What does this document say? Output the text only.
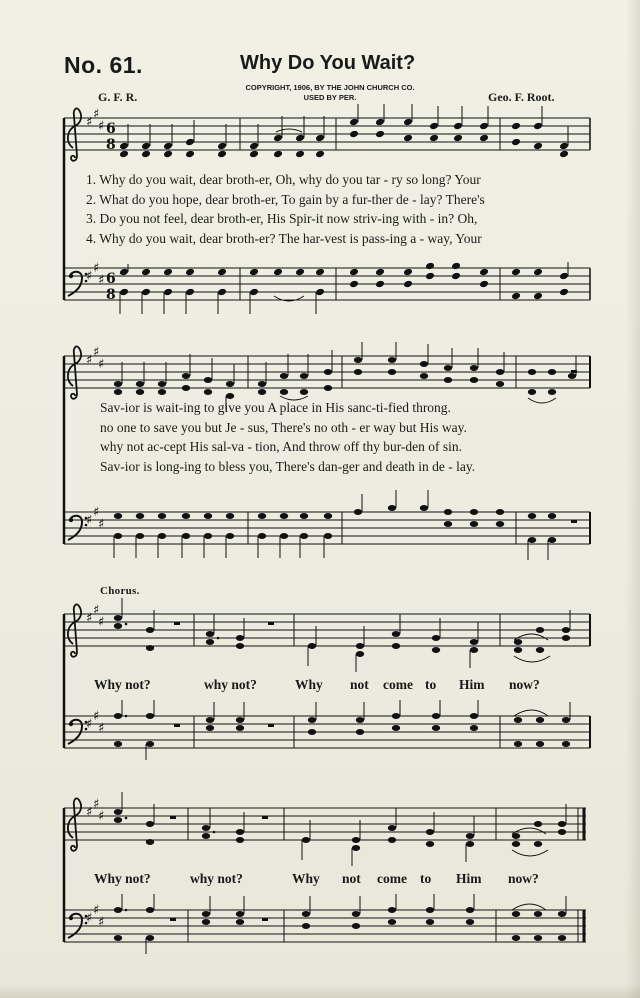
No. 61.	Why Do You Wait?
COPYRIGHT, 1906, BY THE JOHN CHURCH CO.
USED BY PER.
G. F. R.	Geo. F. Root.
♯
♯
♯
♯
♯
♯
6
8
6
8
♯
♯
♯
♯
♯
♯
♯
♯
♯
♯
♯
♯
♯
♯
♯
♯
♯
♯
1. Why do you wait, dear broth-er, Oh, why do you tar - ry so long? Your
2. What do you hope, dear broth-er, To gain by a fur-ther de - lay? There's
3. Do you not feel, dear broth-er, His Spir-it now striv-ing with - in? Oh,
4. Why do you wait, dear broth-er? The har-vest is pass-ing a - way, Your
Sav-ior is wait-ing to give you A place in His sanc-ti-fied throng.
no one to save you but Je - sus, There's no oth - er way but His way.
why not ac-cept His sal-va - tion, And throw off thy bur-den of sin.
Sav-ior is long-ing to bless you, There's dan-ger and death in de - lay.
Chorus.
Why not?	why not?	Why not come to Him now?
Why not?	why not?	Why not come to Him now?
